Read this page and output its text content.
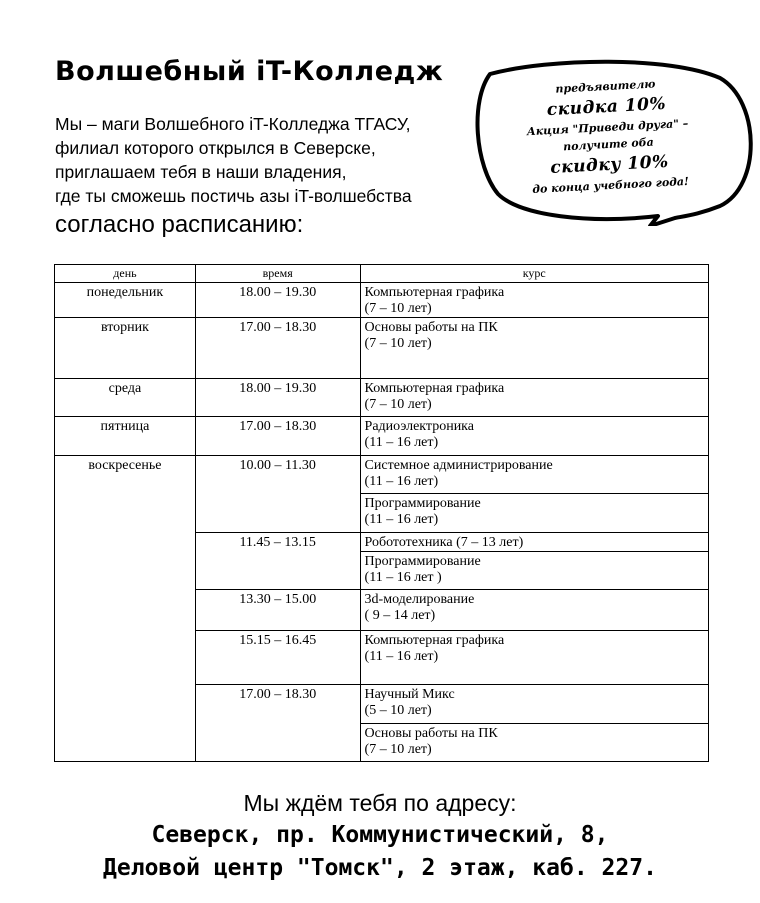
Волшебный iT-Колледж
Мы – маги Волшебного iT-Колледжа ТГАСУ,
филиал которого открылся в Северске,
приглашаем тебя в наши владения,
где ты сможешь постичь азы iT-волшебства
согласно расписанию:
предъявителю
скидка 10%
Акция "Приведи друга" –
получите оба
скидку 10%
до конца учебного года!
день	время	курс
понедельник	18.00 – 19.30	Компьютерная графика
(7 – 10 лет)
вторник	17.00 – 18.30	Основы работы на ПК
(7 – 10 лет)
среда	18.00 – 19.30	Компьютерная графика
(7 – 10 лет)
пятница	17.00 – 18.30	Радиоэлектроника
(11 – 16 лет)
воскресенье	10.00 – 11.30	Системное администрирование
(11 – 16 лет)
		Программирование
(11 – 16 лет)
	11.45 – 13.15	Робототехника (7 – 13 лет)
		Программирование
(11 – 16 лет )
	13.30 – 15.00	3d-моделирование
( 9 – 14 лет)
	15.15 – 16.45	Компьютерная графика
(11 – 16 лет)
	17.00 – 18.30	Научный Микс
(5 – 10 лет)
		Основы работы на ПК
(7 – 10 лет)
Мы ждём тебя по адресу:
Северск, пр. Коммунистический, 8,
Деловой центр "Томск", 2 этаж, каб. 227.
